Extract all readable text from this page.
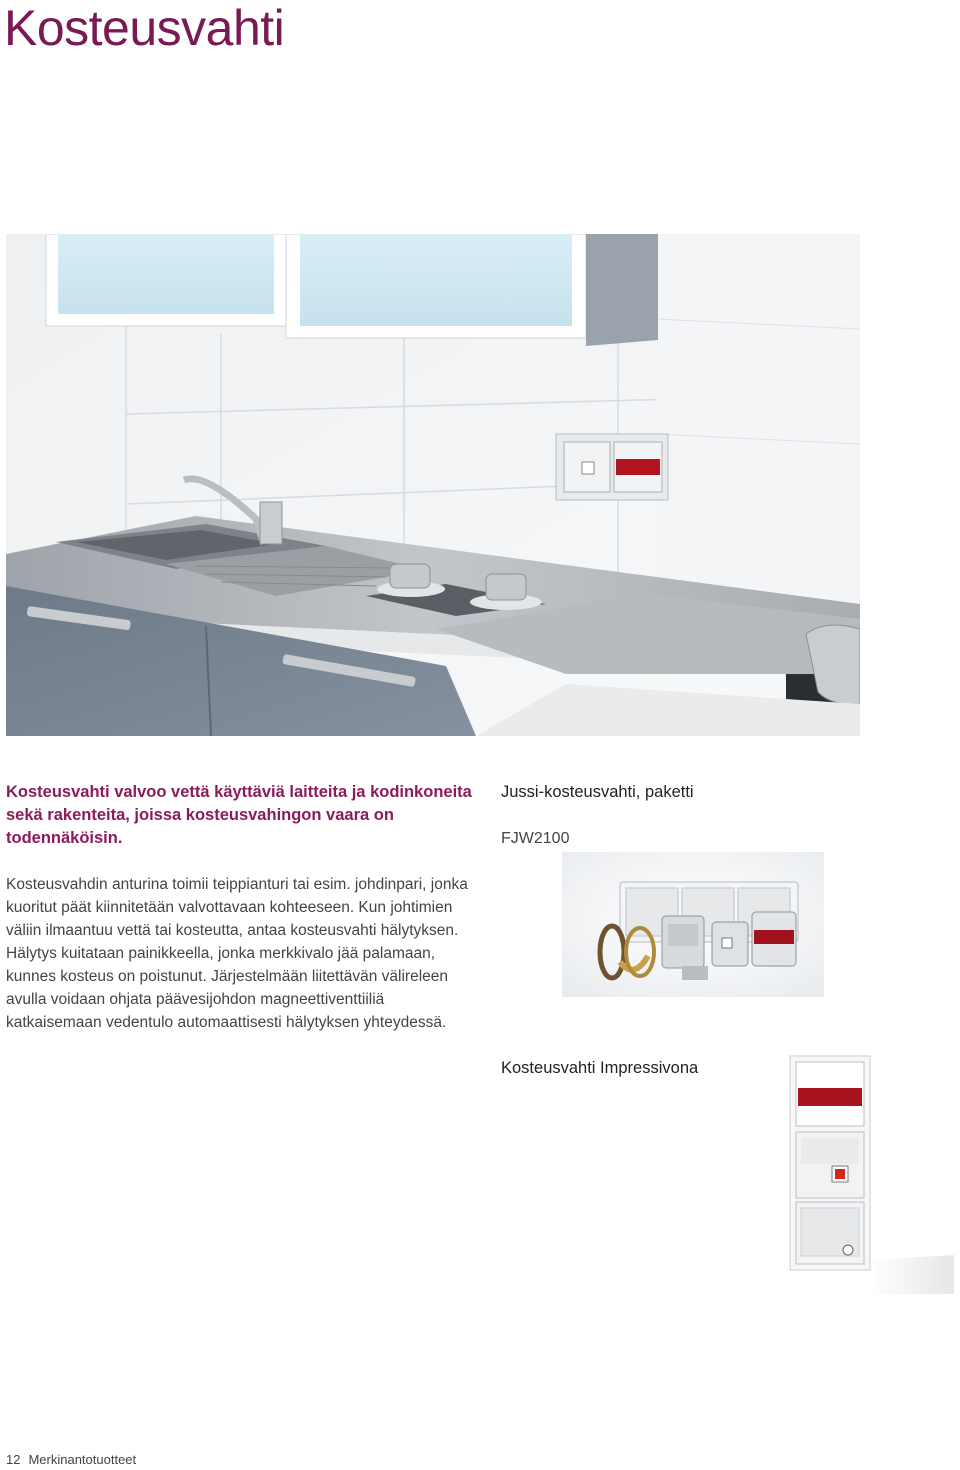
Kosteusvahti
Kosteusvahti valvoo vettä käyttäviä laitteita ja kodinkoneita sekä rakenteita, joissa kosteusvahingon vaara on todennäköisin.
Kosteusvahdin anturina toimii teippianturi tai esim. johdinpari, jonka kuoritut päät kiinnitetään valvottavaan kohteeseen. Kun johtimien väliin ilmaantuu vettä tai kosteutta, antaa kosteusvahti hälytyksen. Hälytys kuitataan painikkeella, jonka merkkivalo jää palamaan, kunnes kosteus on poistunut. Järjestelmään liitettävän välireleen avulla voidaan ohjata päävesijohdon magneettiventtiiliä katkaisemaan vedentulo automaattisesti hälytyksen yhteydessä.
Jussi-kosteusvahti, paketti
FJW2100
Kosteusvahti Impressivona
12 Merkinantotuotteet
